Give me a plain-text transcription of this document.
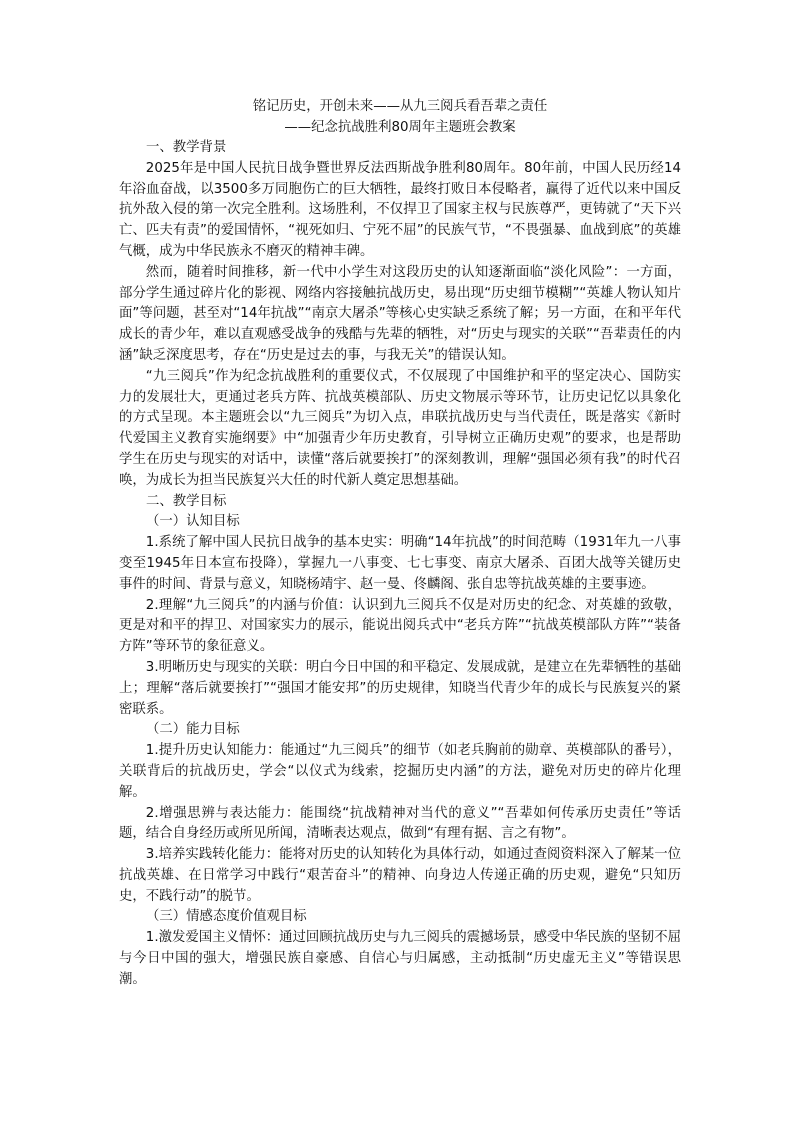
铭记历史，开创未来——从九三阅兵看吾辈之责任

——纪念抗战胜利80周年主题班会教案

一、教学背景

2025年是中国人民抗日战争暨世界反法西斯战争胜利80周年。80年前，中国人民历经14年浴血奋战，以3500多万同胞伤亡的巨大牺牲，最终打败日本侵略者，赢得了近代以来中国反抗外敌入侵的第一次完全胜利。这场胜利，不仅捍卫了国家主权与民族尊严，更铸就了“天下兴亡、匹夫有责”的爱国情怀，“视死如归、宁死不屈”的民族气节，“不畏强暴、血战到底”的英雄气概，成为中华民族永不磨灭的精神丰碑。

然而，随着时间推移，新一代中小学生对这段历史的认知逐渐面临“淡化风险”：一方面，部分学生通过碎片化的影视、网络内容接触抗战历史，易出现“历史细节模糊”“英雄人物认知片面”等问题，甚至对“14年抗战”“南京大屠杀”等核心史实缺乏系统了解；另一方面，在和平年代成长的青少年，难以直观感受战争的残酷与先辈的牺牲，对“历史与现实的关联”“吾辈责任的内涵”缺乏深度思考，存在“历史是过去的事，与我无关”的错误认知。

“九三阅兵”作为纪念抗战胜利的重要仪式，不仅展现了中国维护和平的坚定决心、国防实力的发展壮大，更通过老兵方阵、抗战英模部队、历史文物展示等环节，让历史记忆以具象化的方式呈现。本主题班会以“九三阅兵”为切入点，串联抗战历史与当代责任，既是落实《新时代爱国主义教育实施纲要》中“加强青少年历史教育，引导树立正确历史观”的要求，也是帮助学生在历史与现实的对话中，读懂“落后就要挨打”的深刻教训，理解“强国必须有我”的时代召唤，为成长为担当民族复兴大任的时代新人奠定思想基础。

二、教学目标

（一）认知目标

1.系统了解中国人民抗日战争的基本史实：明确“14年抗战”的时间范畴（1931年九一八事变至1945年日本宣布投降），掌握九一八事变、七七事变、南京大屠杀、百团大战等关键历史事件的时间、背景与意义，知晓杨靖宇、赵一曼、佟麟阁、张自忠等抗战英雄的主要事迹。

2.理解“九三阅兵”的内涵与价值：认识到九三阅兵不仅是对历史的纪念、对英雄的致敬，更是对和平的捍卫、对国家实力的展示，能说出阅兵式中“老兵方阵”“抗战英模部队方阵”“装备方阵”等环节的象征意义。

3.明晰历史与现实的关联：明白今日中国的和平稳定、发展成就，是建立在先辈牺牲的基础上；理解“落后就要挨打”“强国才能安邦”的历史规律，知晓当代青少年的成长与民族复兴的紧密联系。

（二）能力目标

1.提升历史认知能力：能通过“九三阅兵”的细节（如老兵胸前的勋章、英模部队的番号），关联背后的抗战历史，学会“以仪式为线索，挖掘历史内涵”的方法，避免对历史的碎片化理解。

2.增强思辨与表达能力：能围绕“抗战精神对当代的意义”“吾辈如何传承历史责任”等话题，结合自身经历或所见所闻，清晰表达观点，做到“有理有据、言之有物”。

3.培养实践转化能力：能将对历史的认知转化为具体行动，如通过查阅资料深入了解某一位抗战英雄、在日常学习中践行“艰苦奋斗”的精神、向身边人传递正确的历史观，避免“只知历史，不践行动”的脱节。

（三）情感态度价值观目标

1.激发爱国主义情怀：通过回顾抗战历史与九三阅兵的震撼场景，感受中华民族的坚韧不屈与今日中国的强大，增强民族自豪感、自信心与归属感，主动抵制“历史虚无主义”等错误思潮。
